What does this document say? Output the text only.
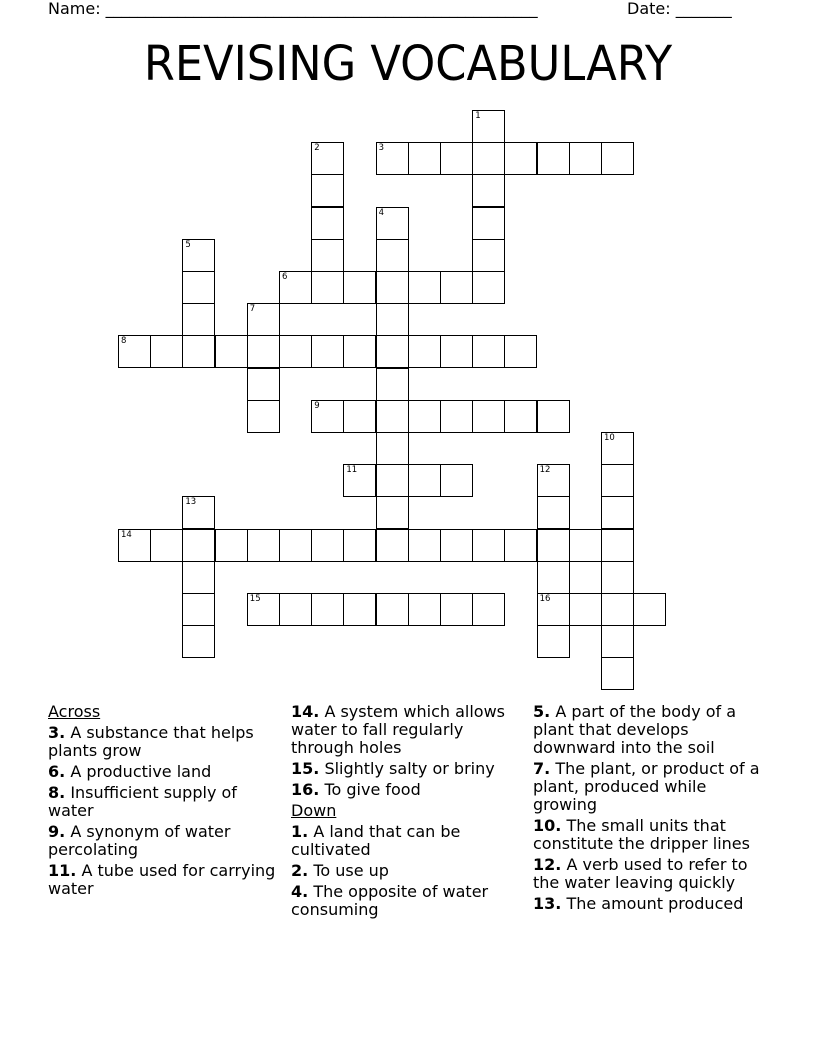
Name: ______________________________________________________	Date: _______
REVISING VOCABULARY
1
2	3
4
5
6
7
8
9
10
11	12
16
13
14
15
Across
3. A substance that helps plants grow
6. A productive land
8. Insufficient supply of water
9. A synonym of water percolating
11. A tube used for carrying water
14. A system which allows water to fall regularly through holes
15. Slightly salty or briny
16. To give food
Down
1. A land that can be cultivated
2. To use up
4. The opposite of water consuming
5. A part of the body of a plant that develops downward into the soil
7. The plant, or product of a plant, produced while growing
10. The small units that constitute the dripper lines
12. A verb used to refer to the water leaving quickly
13. The amount produced
